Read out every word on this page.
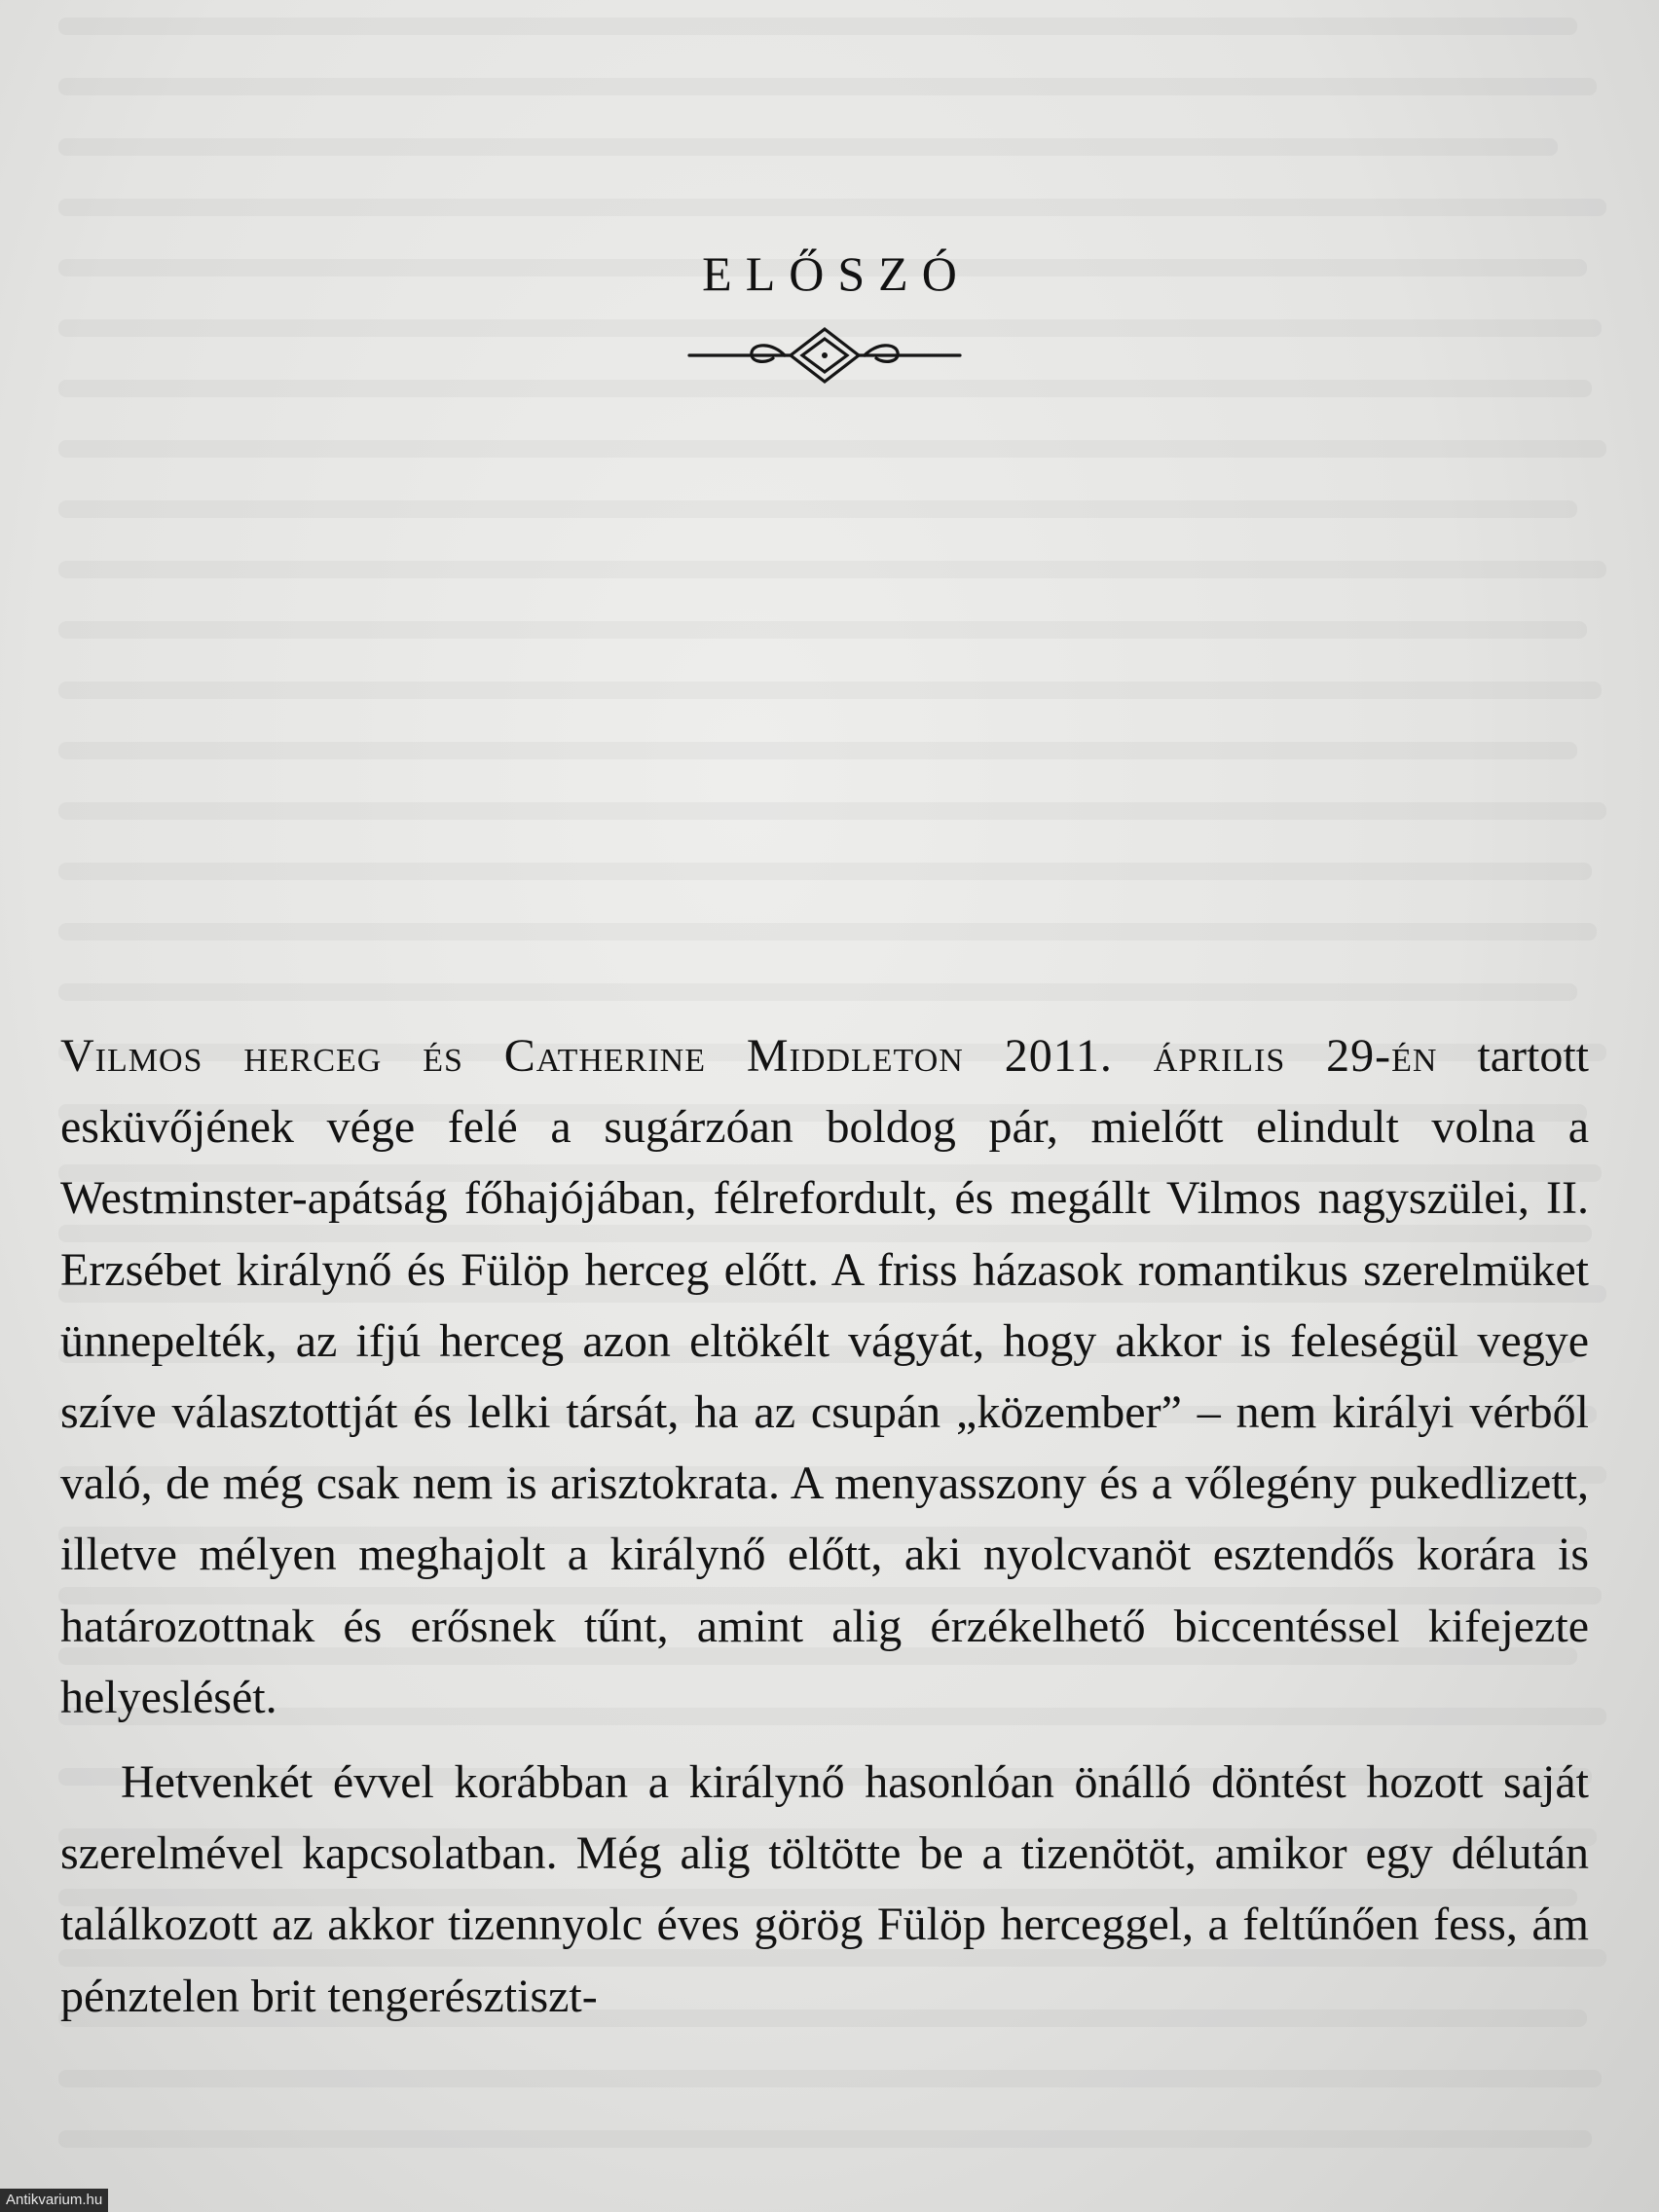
ELŐSZÓ

Vilmos herceg és Catherine Middleton 2011. április 29-én tartott esküvőjének vége felé a sugárzóan boldog pár, mielőtt elindult volna a Westminster-apátság főhajójában, félrefordult, és megállt Vilmos nagyszülei, II. Erzsébet királynő és Fülöp herceg előtt. A friss házasok romantikus szerelmüket ünnepelték, az ifjú herceg azon eltökélt vágyát, hogy akkor is feleségül vegye szíve választottját és lelki társát, ha az csupán „közember” – nem királyi vérből való, de még csak nem is arisztokrata. A menyasszony és a vőlegény pukedlizett, illetve mélyen meghajolt a királynő előtt, aki nyolcvanöt esztendős korára is határozottnak és erősnek tűnt, amint alig érzékelhető biccentéssel kifejezte helyeslését.

Hetvenkét évvel korábban a királynő hasonlóan önálló döntést hozott saját szerelmével kapcsolatban. Még alig töltötte be a tizenötöt, amikor egy délután találkozott az akkor tizennyolc éves görög Fülöp herceggel, a feltűnően fess, ám pénztelen brit tengerésztiszt-

Antikvarium.hu
